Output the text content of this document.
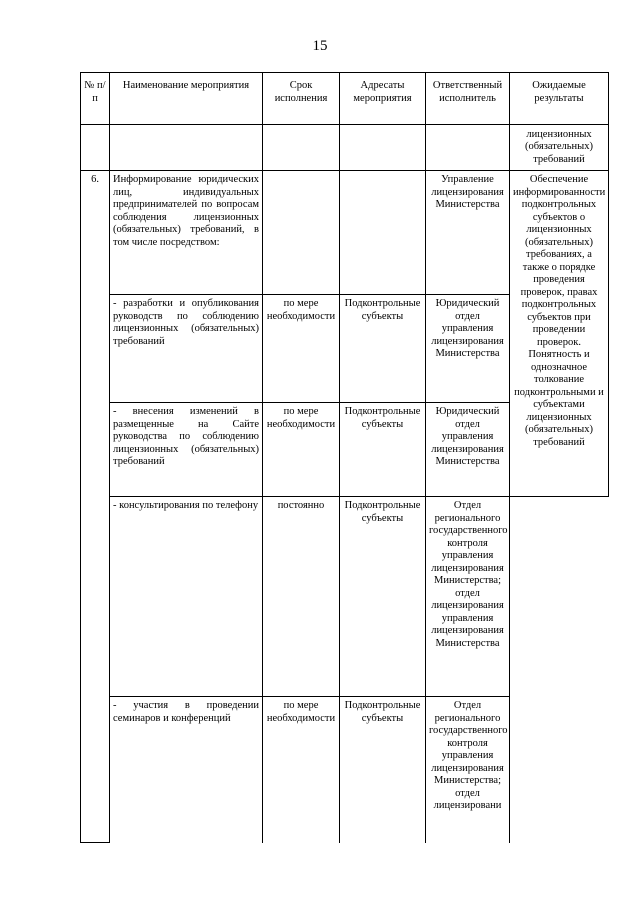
15
№ п/п	Наименование мероприятия	Срок исполнения	Адресаты мероприятия	Ответственный исполнитель	Ожидаемые результаты
					лицензионных (обязательных) требований
6.	Информирование юридических лиц, индивидуальных предпринимателей по вопросам соблюдения лицензионных (обязательных) требований, в том числе посредством:			Управление лицензирования Министерства	Обеспечение информированности подконтрольных субъектов о лицензионных (обязательных) требованиях, а также о порядке проведения проверок, правах подконтрольных субъектов при проведении проверок. Понятность и однозначное толкование подконтрольными и субъектами лицензионных (обязательных) требований
	- разработки и опубликования руководств по соблюдению лицензионных (обязательных) требований	по мере необходимости	Подконтрольные субъекты	Юридический отдел управления лицензирования Министерства	
	- внесения изменений в размещенные на Сайте руководства по соблюдению лицензионных (обязательных) требований	по мере необходимости	Подконтрольные субъекты	Юридический отдел управления лицензирования Министерства	
	- консультирования по телефону	постоянно	Подконтрольные субъекты	Отдел регионального государственного контроля управления лицензирования Министерства; отдел лицензирования управления лицензирования Министерства	
	- участия в проведении семинаров и конференций	по мере необходимости	Подконтрольные субъекты	Отдел регионального государственного контроля управления лицензирования Министерства; отдел лицензировани	
